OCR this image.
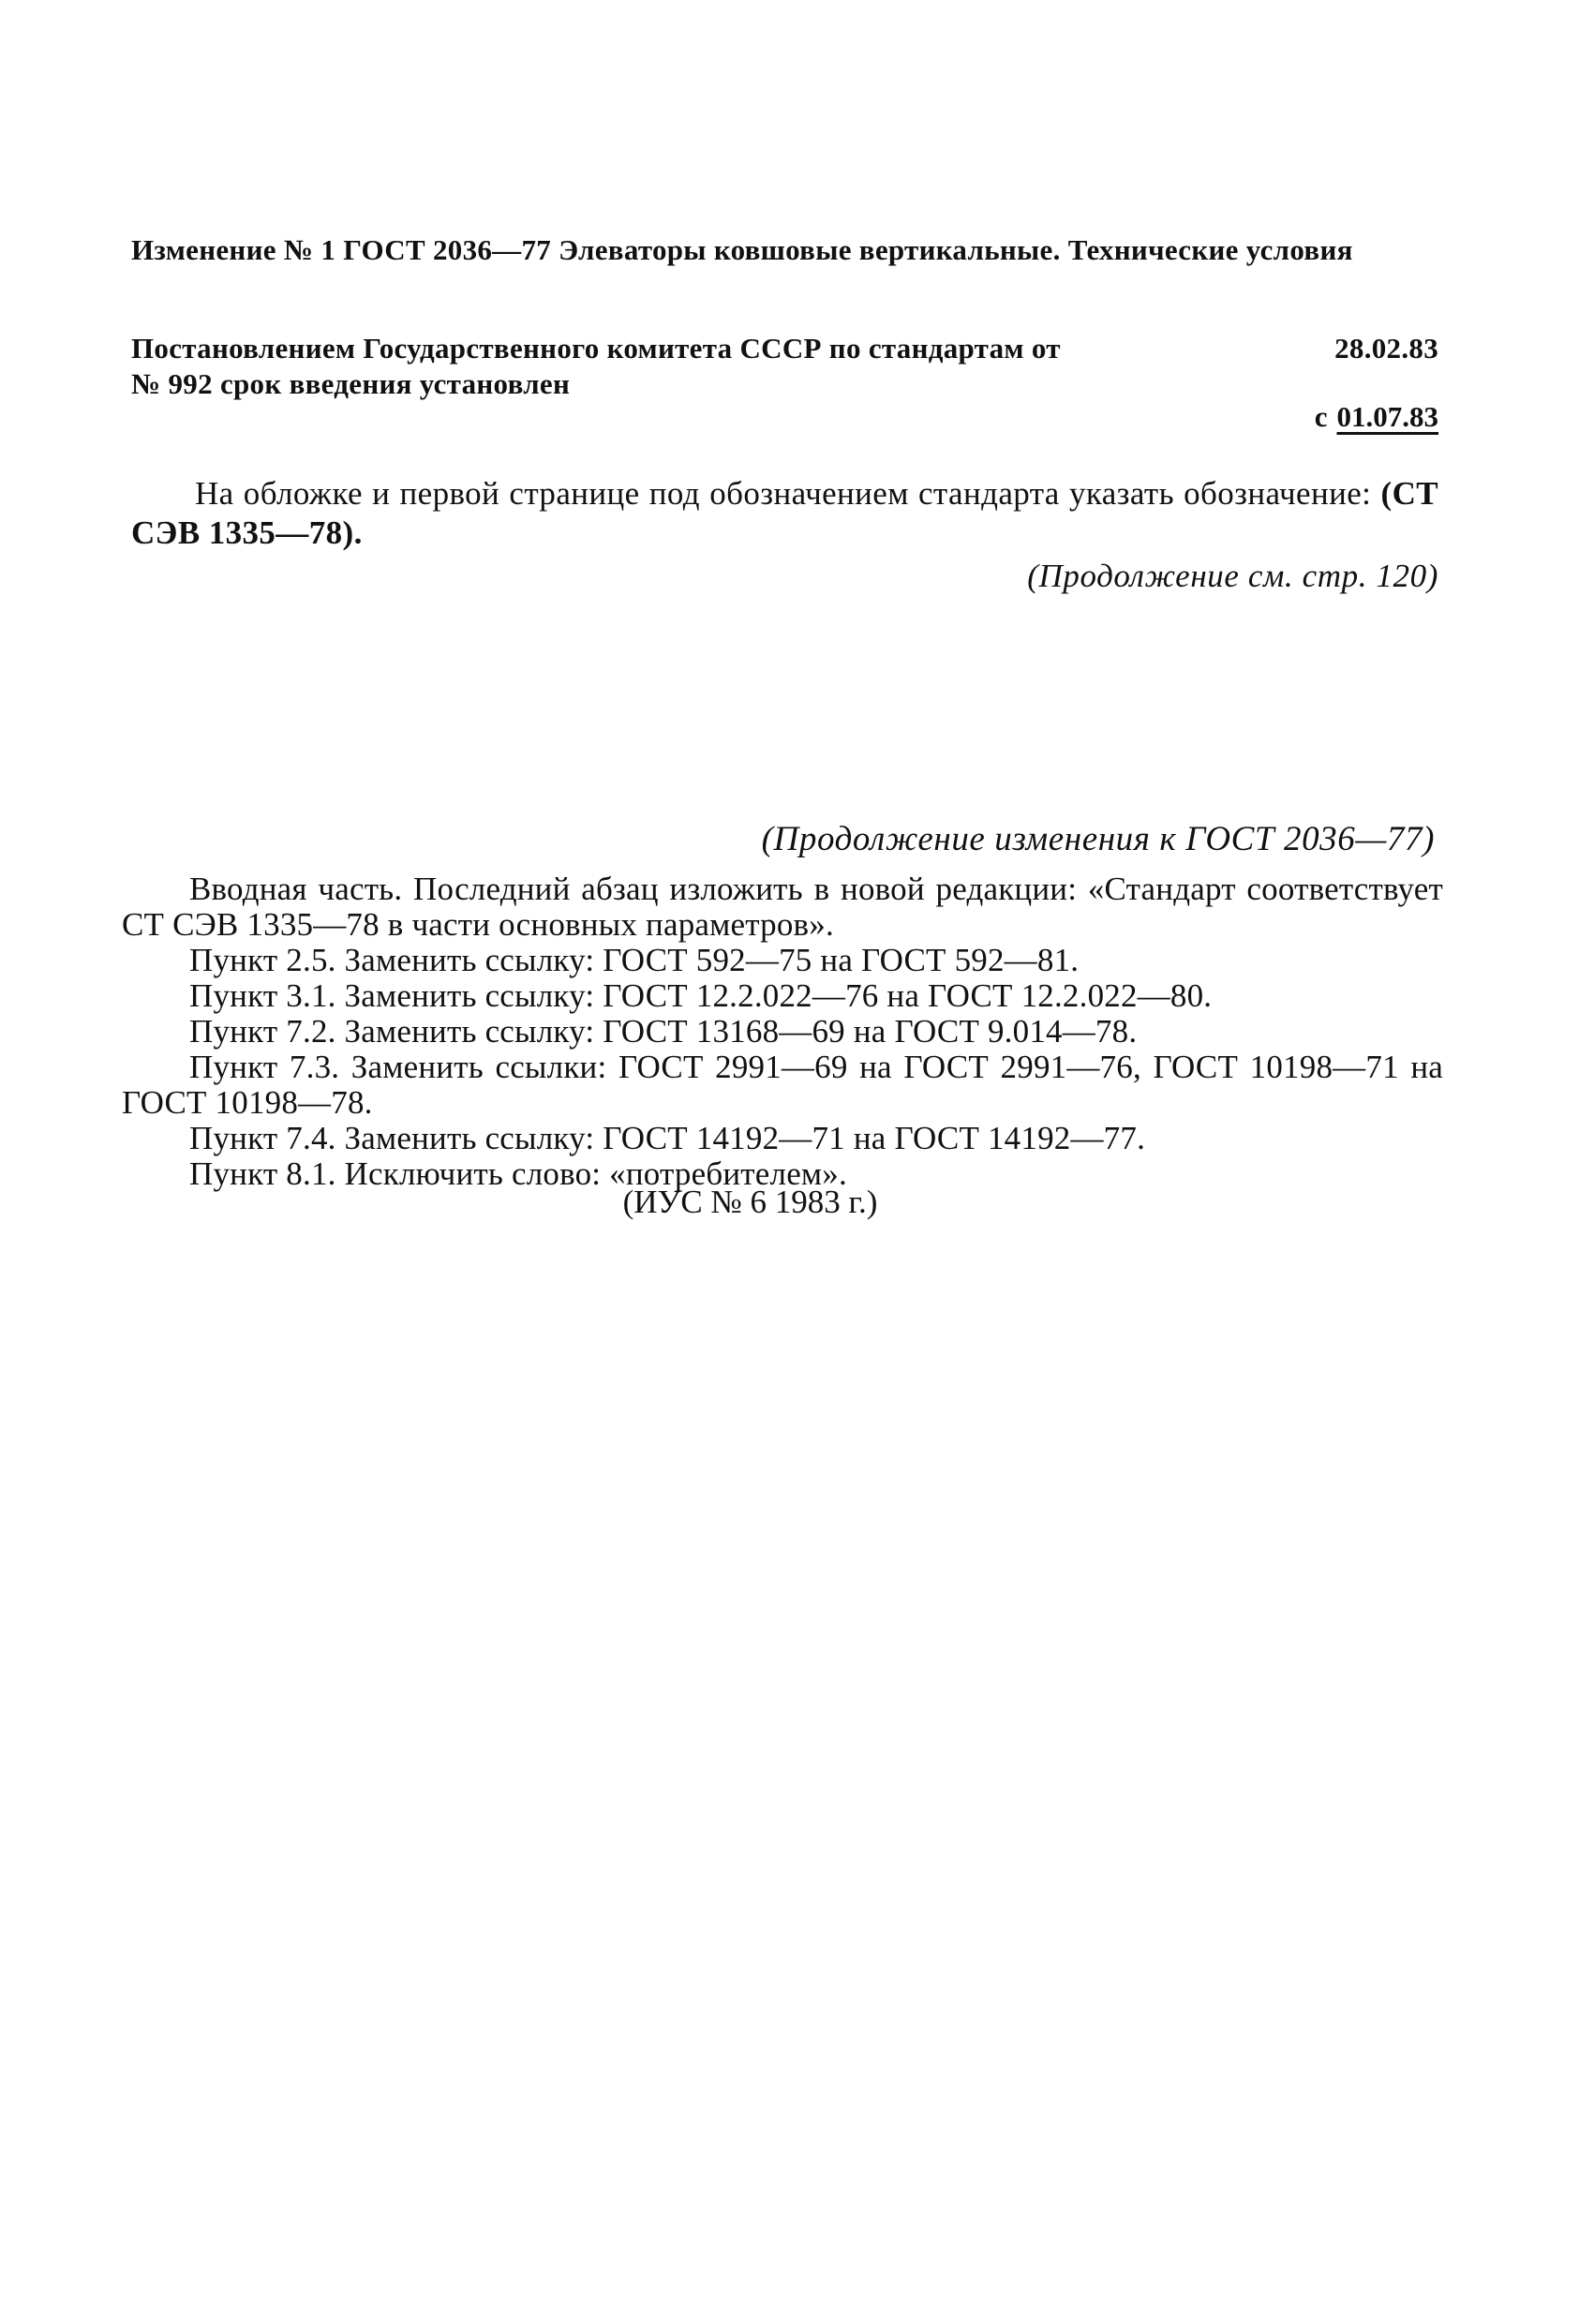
Изменение № 1 ГОСТ 2036—77 Элеваторы ковшовые вертикальные. Технические условия
Постановлением Государственного комитета СССР по стандартам от	28.02.83
№ 992 срок введения установлен
с 01.07.83
На обложке и первой странице под обозначением стандарта указать обозначение: (СТ СЭВ 1335—78).
(Продолжение см. стр. 120)
(Продолжение изменения к ГОСТ 2036—77)

Вводная часть. Последний абзац изложить в новой редакции: «Стандарт соответствует СТ СЭВ 1335—78 в части основных параметров».

Пункт 2.5. Заменить ссылку: ГОСТ 592—75 на ГОСТ 592—81.

Пункт 3.1. Заменить ссылку: ГОСТ 12.2.022—76 на ГОСТ 12.2.022—80.

Пункт 7.2. Заменить ссылку: ГОСТ 13168—69 на ГОСТ 9.014—78.

Пункт 7.3. Заменить ссылки: ГОСТ 2991—69 на ГОСТ 2991—76, ГОСТ 10198—71 на ГОСТ 10198—78.

Пункт 7.4. Заменить ссылку: ГОСТ 14192—71 на ГОСТ 14192—77.

Пункт 8.1. Исключить слово: «потребителем».

(ИУС № 6 1983 г.)
